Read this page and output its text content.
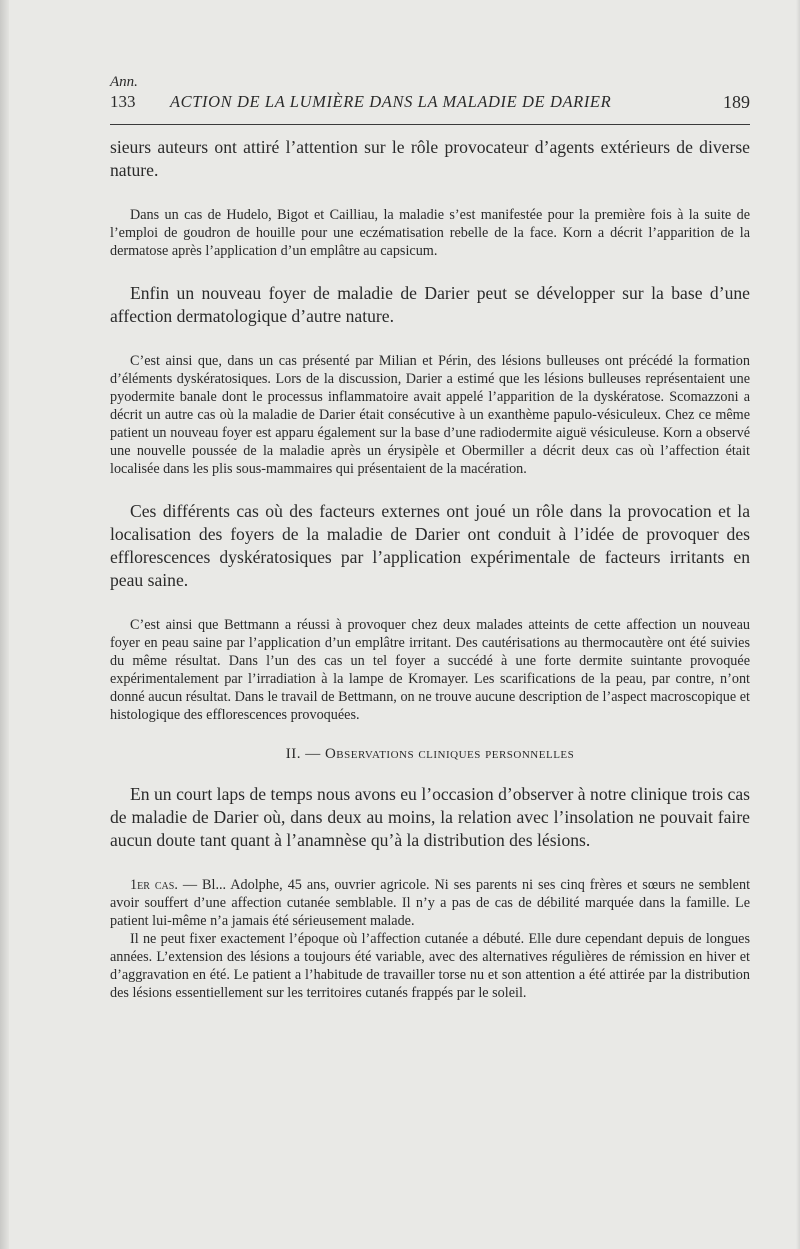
Ann.
133 ACTION DE LA LUMIÈRE DANS LA MALADIE DE DARIER	189

sieurs auteurs ont attiré l’attention sur le rôle provocateur d’agents extérieurs de diverse nature.

Dans un cas de Hudelo, Bigot et Cailliau, la maladie s’est manifestée pour la première fois à la suite de l’emploi de goudron de houille pour une eczématisation rebelle de la face. Korn a décrit l’apparition de la dermatose après l’application d’un emplâtre au capsicum.

Enfin un nouveau foyer de maladie de Darier peut se développer sur la base d’une affection dermatologique d’autre nature.

C’est ainsi que, dans un cas présenté par Milian et Périn, des lésions bulleuses ont précédé la formation d’éléments dyskératosiques. Lors de la discussion, Darier a estimé que les lésions bulleuses représentaient une pyodermite banale dont le processus inflammatoire avait appelé l’apparition de la dyskératose. Scomazzoni a décrit un autre cas où la maladie de Darier était consécutive à un exanthème papulo-vésiculeux. Chez ce même patient un nouveau foyer est apparu également sur la base d’une radiodermite aiguë vésiculeuse. Korn a observé une nouvelle poussée de la maladie après un érysipèle et Obermiller a décrit deux cas où l’affection était localisée dans les plis sous-mammaires qui présentaient de la macération.

Ces différents cas où des facteurs externes ont joué un rôle dans la provocation et la localisation des foyers de la maladie de Darier ont conduit à l’idée de provoquer des efflorescences dyskératosiques par l’application expérimentale de facteurs irritants en peau saine.

C’est ainsi que Bettmann a réussi à provoquer chez deux malades atteints de cette affection un nouveau foyer en peau saine par l’application d’un emplâtre irritant. Des cautérisations au thermocautère ont été suivies du même résultat. Dans l’un des cas un tel foyer a succédé à une forte dermite suintante provoquée expérimentalement par l’irradiation à la lampe de Kromayer. Les scarifications de la peau, par contre, n’ont donné aucun résultat. Dans le travail de Bettmann, on ne trouve aucune description de l’aspect macroscopique et histologique des efflorescences provoquées.

II. — Observations cliniques personnelles

En un court laps de temps nous avons eu l’occasion d’observer à notre clinique trois cas de maladie de Darier où, dans deux au moins, la relation avec l’insolation ne pouvait faire aucun doute tant quant à l’anamnèse qu’à la distribution des lésions.

1er cas. — Bl... Adolphe, 45 ans, ouvrier agricole. Ni ses parents ni ses cinq frères et sœurs ne semblent avoir souffert d’une affection cutanée semblable. Il n’y a pas de cas de débilité marquée dans la famille. Le patient lui-même n’a jamais été sérieusement malade.

Il ne peut fixer exactement l’époque où l’affection cutanée a débuté. Elle dure cependant depuis de longues années. L’extension des lésions a toujours été variable, avec des alternatives régulières de rémission en hiver et d’aggravation en été. Le patient a l’habitude de travailler torse nu et son attention a été attirée par la distribution des lésions essentiellement sur les territoires cutanés frappés par le soleil.
